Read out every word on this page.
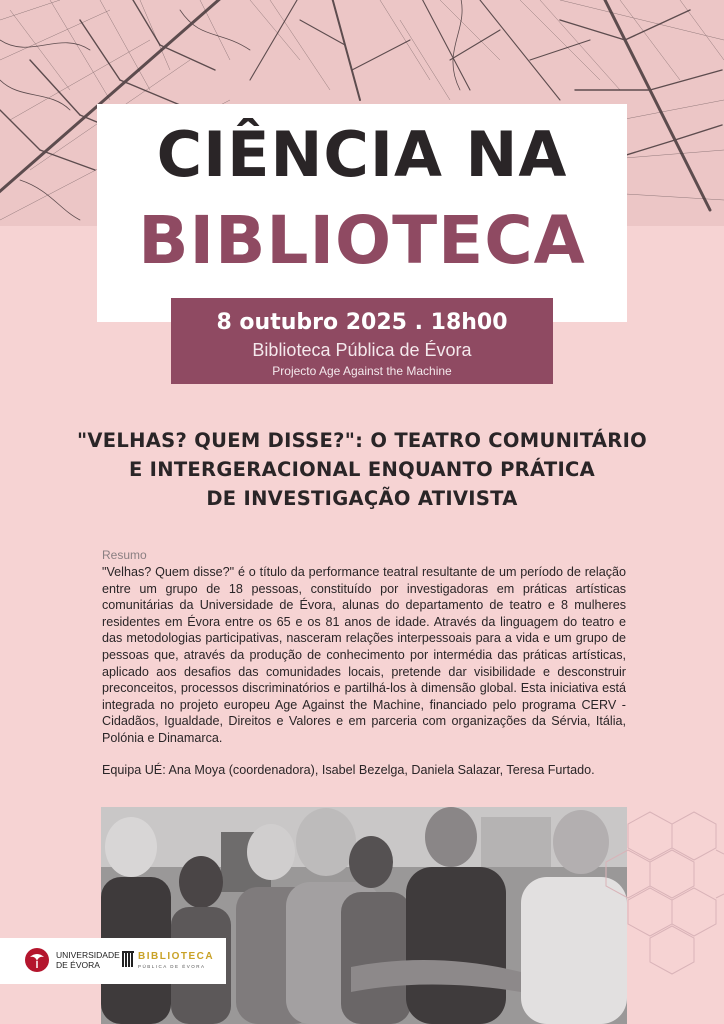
CIÊNCIA NA
BIBLIOTECA
8 outubro 2025 . 18h00
Biblioteca Pública de Évora
Projecto Age Against the Machine
"VELHAS? QUEM DISSE?": O TEATRO COMUNITÁRIO
E INTERGERACIONAL ENQUANTO PRÁTICA
DE INVESTIGAÇÃO ATIVISTA
Resumo
"Velhas? Quem disse?" é o título da performance teatral resultante de um período de relação entre um grupo de 18 pessoas, constituído por investigadoras em práticas artísticas comunitárias da Universidade de Évora, alunas do departamento de teatro e 8 mulheres residentes em Évora entre os 65 e os 81 anos de idade. Através da linguagem do teatro e das metodologias participativas, nasceram relações interpessoais para a vida e um grupo de pessoas que, através da produção de conhecimento por intermédia das práticas artísticas, aplicado aos desafios das comunidades locais, pretende dar visibilidade e desconstruir preconceitos, processos discriminatórios e partilhá-los à dimensão global. Esta iniciativa está integrada no projeto europeu Age Against the Machine, financiado pelo programa CERV - Cidadãos, Igualdade, Direitos e Valores e em parceria com organizações da Sérvia, Itália, Polónia e Dinamarca.
Equipa UÉ: Ana Moya (coordenadora), Isabel Bezelga, Daniela Salazar, Teresa Furtado.
UNIVERSIDADE
DE ÉVORA
BIBLIOTECA
PÚBLICA DE ÉVORA
